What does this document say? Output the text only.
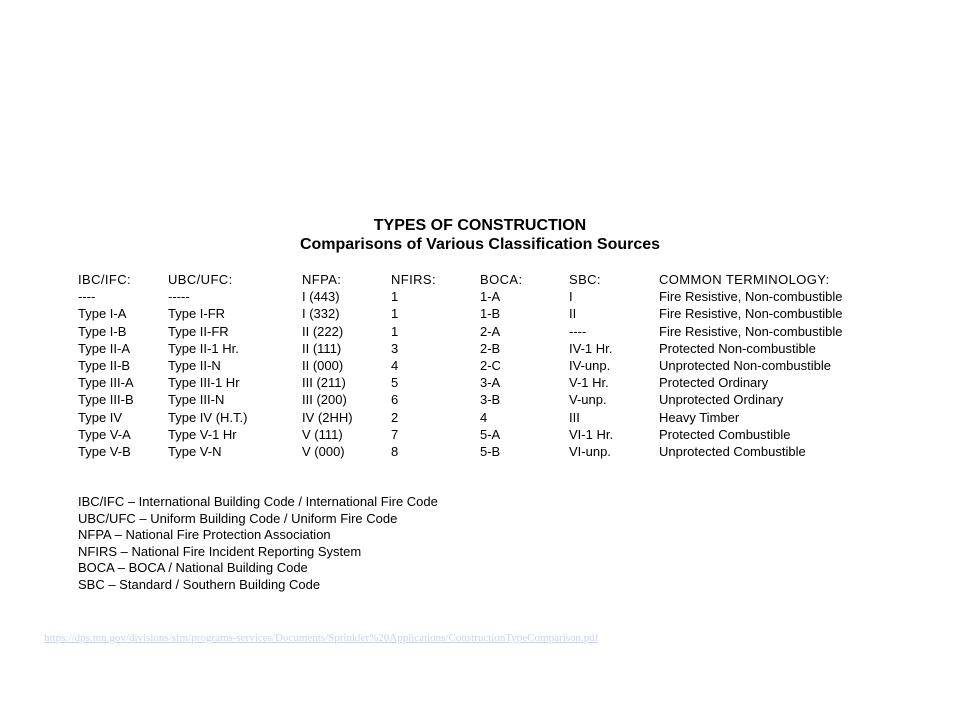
TYPES OF CONSTRUCTION
Comparisons of Various Classification Sources
IBC/IFC:	UBC/UFC:	NFPA:	NFIRS:	BOCA:	SBC:	COMMON TERMINOLOGY:
----	-----	I (443)	1	1-A	I	Fire Resistive, Non-combustible
Type I-A	Type I-FR	I (332)	1	1-B	II	Fire Resistive, Non-combustible
Type I-B	Type II-FR	II (222)	1	2-A	----	Fire Resistive, Non-combustible
Type II-A	Type II-1 Hr.	II (111)	3	2-B	IV-1 Hr.	Protected Non-combustible
Type II-B	Type II-N	II (000)	4	2-C	IV-unp.	Unprotected Non-combustible
Type III-A	Type III-1 Hr	III (211)	5	3-A	V-1 Hr.	Protected Ordinary
Type III-B	Type III-N	III (200)	6	3-B	V-unp.	Unprotected Ordinary
Type IV	Type IV (H.T.)	IV (2HH)	2	4	III	Heavy Timber
Type V-A	Type V-1 Hr	V (111)	7	5-A	VI-1 Hr.	Protected Combustible
Type V-B	Type V-N	V (000)	8	5-B	VI-unp.	Unprotected Combustible
IBC/IFC – International Building Code / International Fire Code
UBC/UFC – Uniform Building Code / Uniform Fire Code
NFPA – National Fire Protection Association
NFIRS – National Fire Incident Reporting System
BOCA – BOCA / National Building Code
SBC – Standard / Southern Building Code
https://dps.mn.gov/divisions/sfm/programs-services/Documents/Sprinkler%20Applications/ConstructionTypeComparison.pdf
